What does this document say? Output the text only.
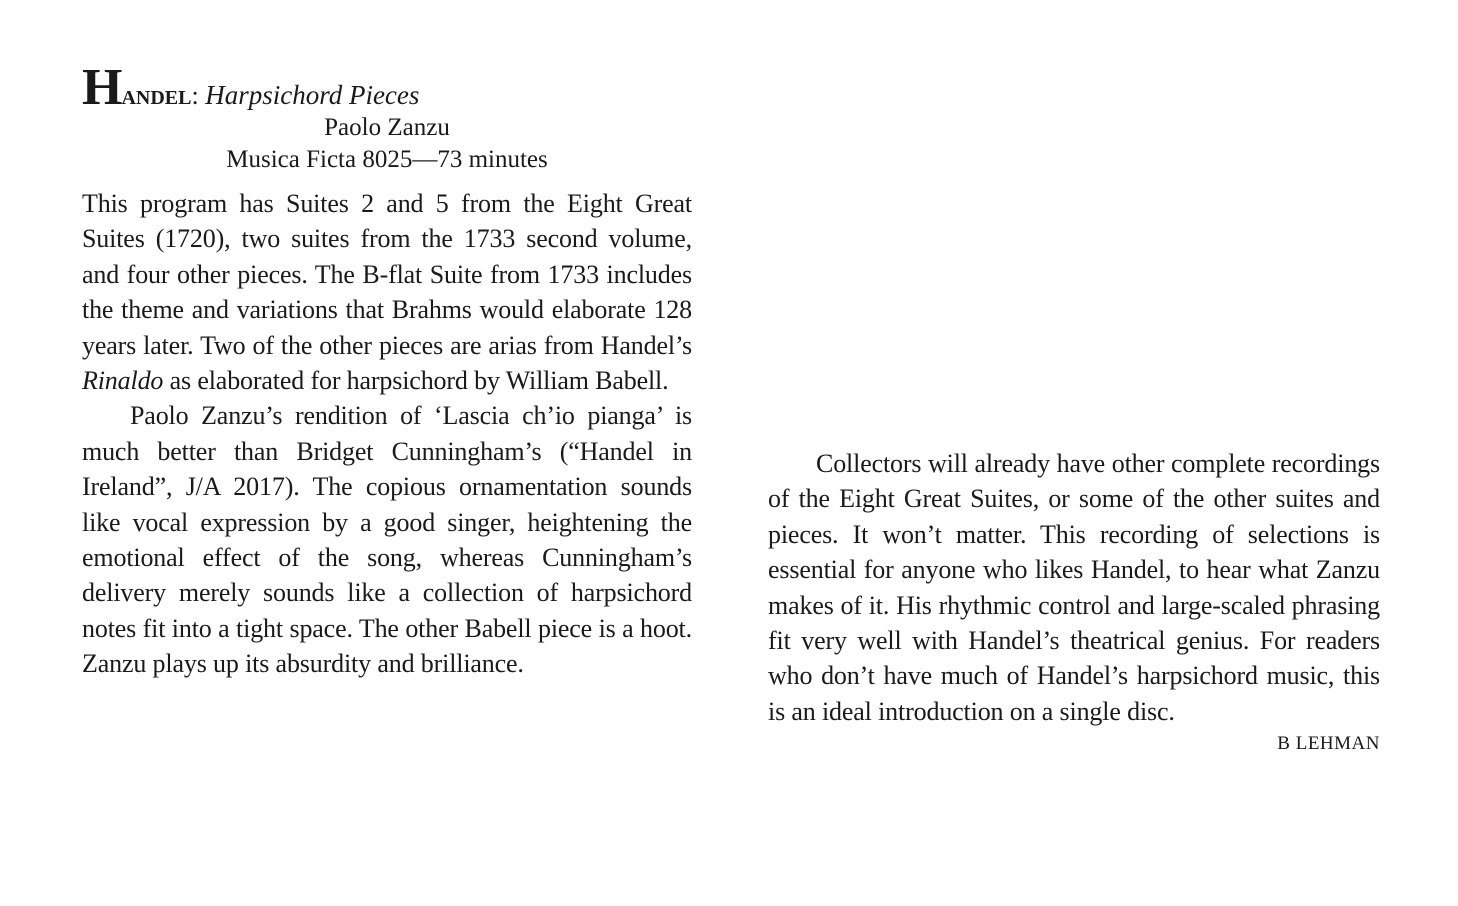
Handel: Harpsichord Pieces
Paolo Zanzu
Musica Ficta 8025—73 minutes

This program has Suites 2 and 5 from the Eight Great Suites (1720), two suites from the 1733 second volume, and four other pieces. The B-flat Suite from 1733 includes the theme and variations that Brahms would elaborate 128 years later. Two of the other pieces are arias from Handel’s Rinaldo as elaborated for harpsichord by William Babell.

Paolo Zanzu’s rendition of ‘Lascia ch’io pianga’ is much better than Bridget Cunningham’s (“Handel in Ireland”, J/A 2017). The copious ornamentation sounds like vocal expression by a good singer, heightening the emotional effect of the song, whereas Cunningham’s delivery merely sounds like a collection of harpsichord notes fit into a tight space. The other Babell piece is a hoot. Zanzu plays up its absurdity and brilliance.

Collectors will already have other complete recordings of the Eight Great Suites, or some of the other suites and pieces. It won’t matter. This recording of selections is essential for anyone who likes Handel, to hear what Zanzu makes of it. His rhythmic control and large-scaled phrasing fit very well with Handel’s theatrical genius. For readers who don’t have much of Handel’s harpsichord music, this is an ideal introduction on a single disc.

B LEHMAN
